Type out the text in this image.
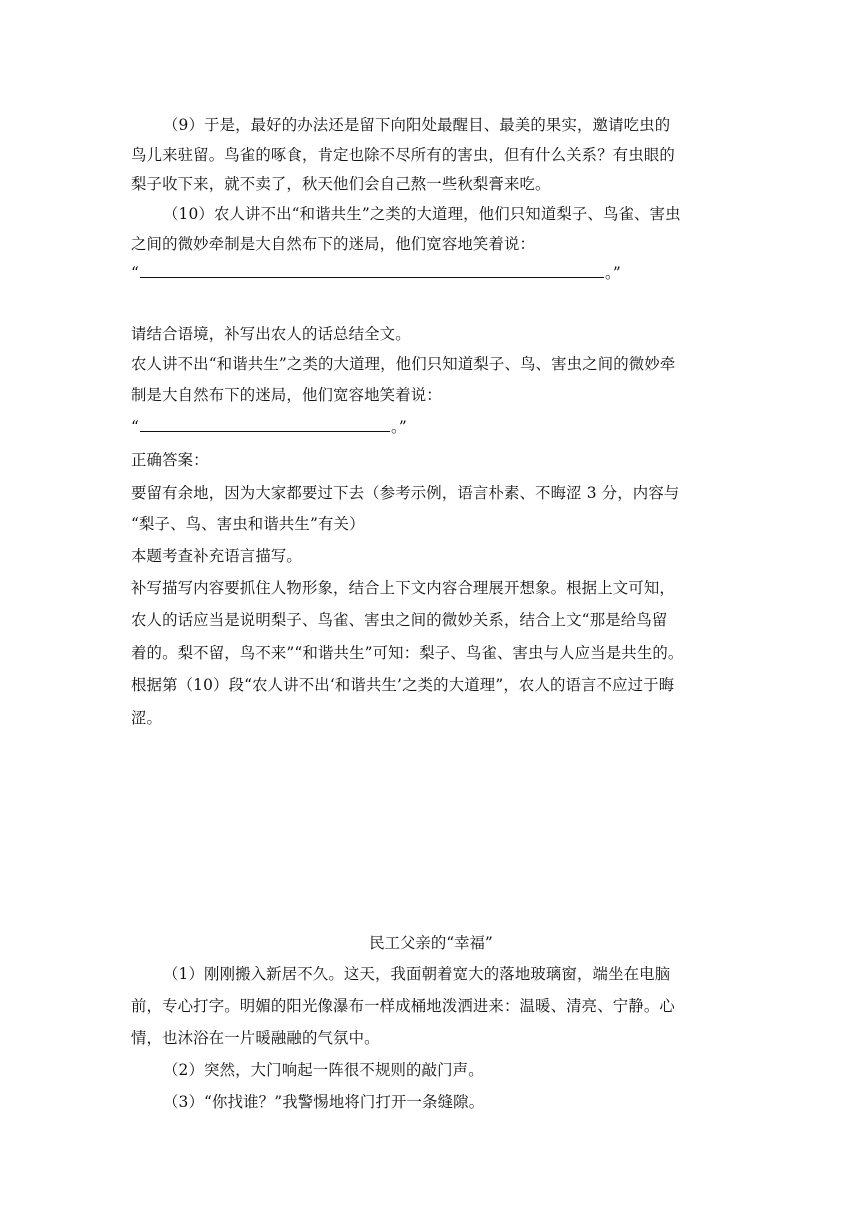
（9）于是，最好的办法还是留下向阳处最醒目、最美的果实，邀请吃虫的
鸟儿来驻留。鸟雀的啄食，肯定也除不尽所有的害虫，但有什么关系？有虫眼的
梨子收下来，就不卖了，秋天他们会自己熬一些秋梨膏来吃。
（10）农人讲不出“和谐共生”之类的大道理，他们只知道梨子、鸟雀、害虫
之间的微妙牵制是大自然布下的迷局，他们宽容地笑着说：
“	。”
请结合语境，补写出农人的话总结全文。
农人讲不出“和谐共生”之类的大道理，他们只知道梨子、鸟、害虫之间的微妙牵
制是大自然布下的迷局，他们宽容地笑着说：
“	。”
正确答案：
要留有余地，因为大家都要过下去（参考示例，语言朴素、不晦涩 3 分，内容与
“梨子、鸟、害虫和谐共生”有关）
本题考查补充语言描写。
补写描写内容要抓住人物形象，结合上下文内容合理展开想象。根据上文可知，
农人的话应当是说明梨子、鸟雀、害虫之间的微妙关系，结合上文“那是给鸟留
着的。梨不留，鸟不来”“和谐共生”可知：梨子、鸟雀、害虫与人应当是共生的。
根据第（10）段“农人讲不出‘和谐共生’之类的大道理”，农人的语言不应过于晦
涩。
民工父亲的“幸福”
（1）刚刚搬入新居不久。这天，我面朝着宽大的落地玻璃窗，端坐在电脑
前，专心打字。明媚的阳光像瀑布一样成桶地泼洒进来：温暖、清亮、宁静。心
情，也沐浴在一片暖融融的气氛中。
（2）突然，大门响起一阵很不规则的敲门声。
（3）“你找谁？”我警惕地将门打开一条缝隙。
